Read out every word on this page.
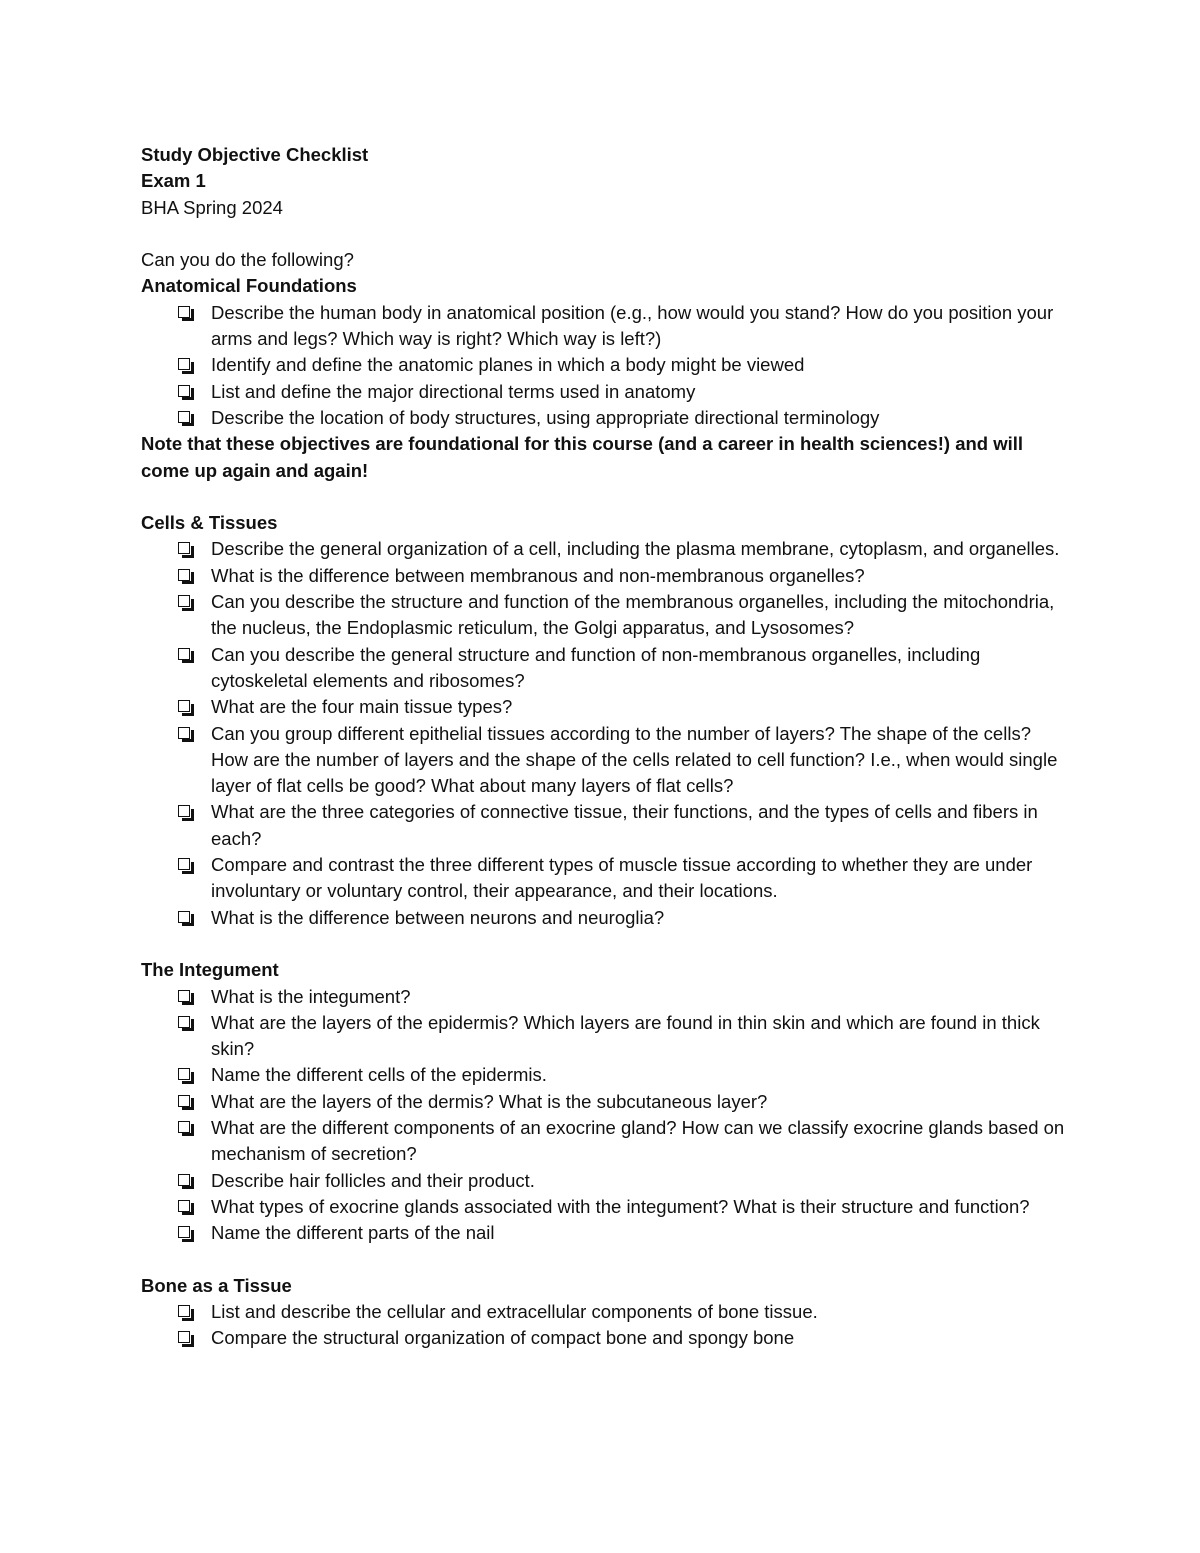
Study Objective Checklist
Exam 1
BHA Spring 2024
Can you do the following?
Anatomical Foundations
Describe the human body in anatomical position (e.g., how would you stand? How do you position your arms and legs? Which way is right? Which way is left?)
Identify and define the anatomic planes in which a body might be viewed
List and define the major directional terms used in anatomy
Describe the location of body structures, using appropriate directional terminology
Note that these objectives are foundational for this course (and a career in health sciences!) and will come up again and again!
Cells & Tissues
Describe the general organization of a cell, including the plasma membrane, cytoplasm, and organelles.
What is the difference between membranous and non-membranous organelles?
Can you describe the structure and function of the membranous organelles, including the mitochondria, the nucleus, the Endoplasmic reticulum, the Golgi apparatus, and Lysosomes?
Can you describe the general structure and function of non-membranous organelles, including cytoskeletal elements and ribosomes?
What are the four main tissue types?
Can you group different epithelial tissues according to the number of layers? The shape of the cells? How are the number of layers and the shape of the cells related to cell function? I.e., when would single layer of flat cells be good? What about many layers of flat cells?
What are the three categories of connective tissue, their functions, and the types of cells and fibers in each?
Compare and contrast the three different types of muscle tissue according to whether they are under involuntary or voluntary control, their appearance, and their locations.
What is the difference between neurons and neuroglia?
The Integument
What is the integument?
What are the layers of the epidermis? Which layers are found in thin skin and which are found in thick skin?
Name the different cells of the epidermis.
What are the layers of the dermis? What is the subcutaneous layer?
What are the different components of an exocrine gland? How can we classify exocrine glands based on mechanism of secretion?
Describe hair follicles and their product.
What types of exocrine glands associated with the integument? What is their structure and function?
Name the different parts of the nail
Bone as a Tissue
List and describe the cellular and extracellular components of bone tissue.
Compare the structural organization of compact bone and spongy bone
